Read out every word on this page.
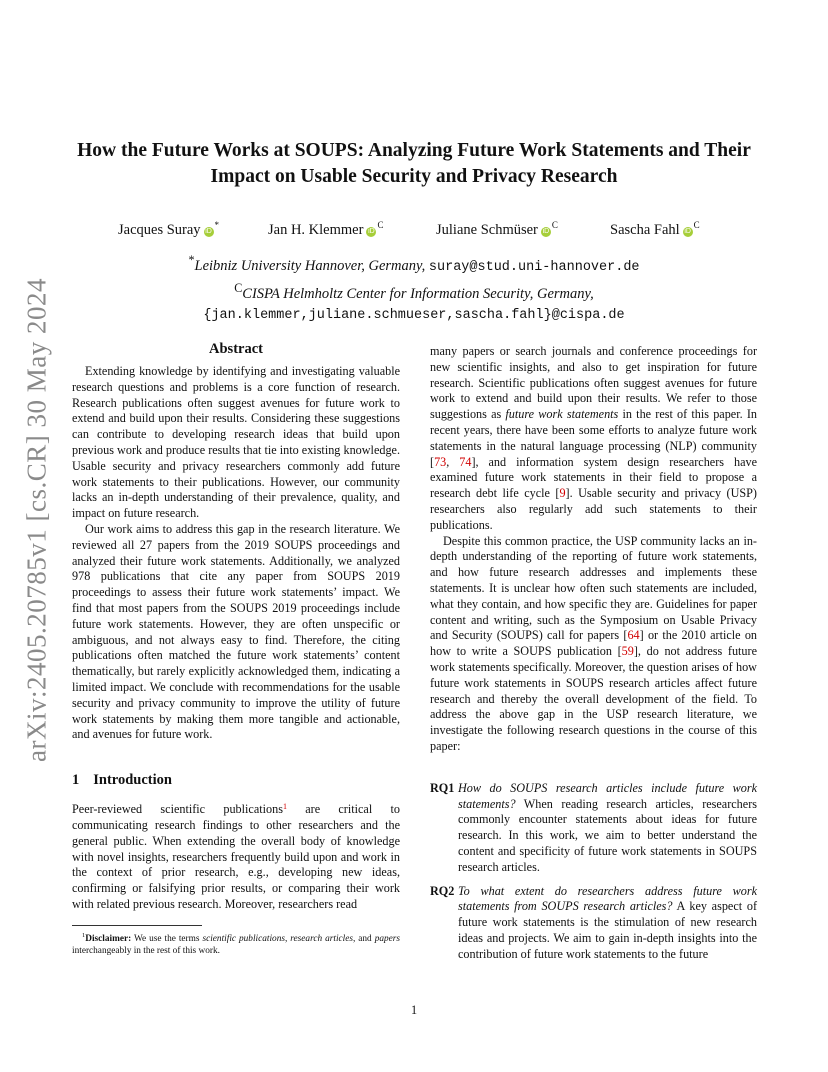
arXiv:2405.20785v1 [cs.CR] 30 May 2024
How the Future Works at SOUPS: Analyzing Future Work Statements and Their
Impact on Usable Security and Privacy Research
Jacques Suray iD*	Jan H. Klemmer $iD^C$	Juliane Schmüser $iD^C$	Sascha Fahl $iD^C$
*Leibniz University Hannover, Germany, suray@stud.uni-hannover.de
$^C$CISPA Helmholtz Center for Information Security, Germany,
{jan.klemmer,juliane.schmueser,sascha.fahl}@cispa.de
Abstract

Extending knowledge by identifying and investigating valuable research questions and problems is a core function of research. Research publications often suggest avenues for future work to extend and build upon their results. Considering these suggestions can contribute to developing research ideas that build upon previous work and produce results that tie into existing knowledge. Usable security and privacy researchers commonly add future work statements to their publications. However, our community lacks an in-depth understanding of their prevalence, quality, and impact on future research.

Our work aims to address this gap in the research literature. We reviewed all 27 papers from the 2019 SOUPS proceedings and analyzed their future work statements. Additionally, we analyzed 978 publications that cite any paper from SOUPS 2019 proceedings to assess their future work statements’ impact. We find that most papers from the SOUPS 2019 proceedings include future work statements. However, they are often unspecific or ambiguous, and not always easy to find. Therefore, the citing publications often matched the future work statements’ content thematically, but rarely explicitly acknowledged them, indicating a limited impact. We conclude with recommendations for the usable security and privacy community to improve the utility of future work statements by making them more tangible and actionable, and avenues for future work.

1 Introduction

Peer-reviewed scientific publications$^1$ are critical to communicating research findings to other researchers and the general public. When extending the overall body of knowledge with novel insights, researchers frequently build upon and work in the context of prior research, e.g., developing new ideas, confirming or falsifying prior results, or comparing their work with related previous research. Moreover, researchers read

$^1$Disclaimer: We use the terms scientific publications, research articles, and papers interchangeably in the rest of this work.

many papers or search journals and conference proceedings for new scientific insights, and also to get inspiration for future research. Scientific publications often suggest avenues for future work to extend and build upon their results. We refer to those suggestions as future work statements in the rest of this paper. In recent years, there have been some efforts to analyze future work statements in the natural language processing (NLP) community [73, 74], and information system design researchers have examined future work statements in their field to propose a research debt life cycle [9]. Usable security and privacy (USP) researchers also regularly add such statements to their publications.

Despite this common practice, the USP community lacks an in-depth understanding of the reporting of future work statements, and how future research addresses and implements these statements. It is unclear how often such statements are included, what they contain, and how specific they are. Guidelines for paper content and writing, such as the Symposium on Usable Privacy and Security (SOUPS) call for papers [64] or the 2010 article on how to write a SOUPS publication [59], do not address future work statements specifically. Moreover, the question arises of how future work statements in SOUPS research articles affect future research and thereby the overall development of the field. To address the above gap in the USP research literature, we investigate the following research questions in the course of this paper:

RQ1 How do SOUPS research articles include future work statements? When reading research articles, researchers commonly encounter statements about ideas for future research. In this work, we aim to better understand the content and specificity of future work statements in SOUPS research articles.
RQ2 To what extent do researchers address future work statements from SOUPS research articles? A key aspect of future work statements is the stimulation of new research ideas and projects. We aim to gain in-depth insights into the contribution of future work statements to the future
1
